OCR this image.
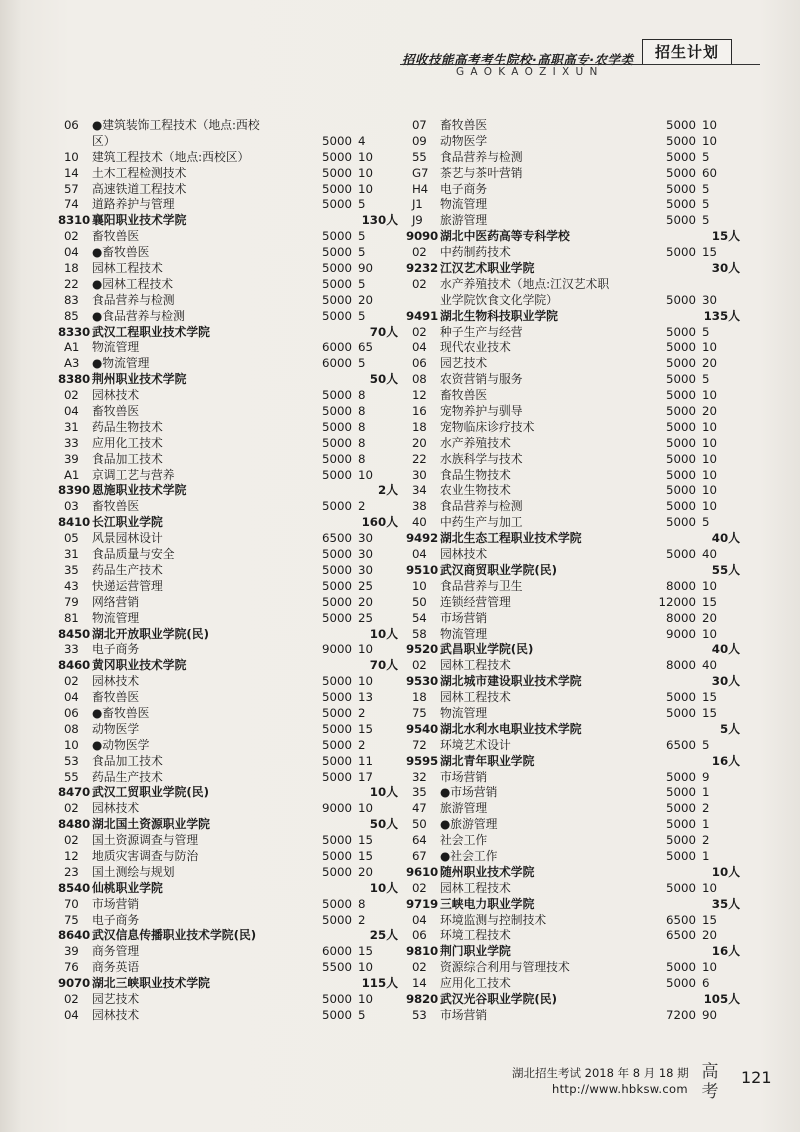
招收技能高考考生院校·高职高专·农学类	招生计划
GAOKAOZIXUN
06 ●建筑装饰工程技术（地点:西校
区）	5000 4
10 建筑工程技术（地点:西校区）	5000 10
14 土木工程检测技术	5000 10
57 高速铁道工程技术	5000 10
74 道路养护与管理	5000 5
8310 襄阳职业技术学院	130人
02 畜牧兽医	5000 5
04 ●畜牧兽医	5000 5
18 园林工程技术	5000 90
22 ●园林工程技术	5000 5
83 食品营养与检测	5000 20
85 ●食品营养与检测	5000 5
8330 武汉工程职业技术学院	70人
A1 物流管理	6000 65
A3 ●物流管理	6000 5
8380 荆州职业技术学院	50人
02 园林技术	5000 8
04 畜牧兽医	5000 8
31 药品生物技术	5000 8
33 应用化工技术	5000 8
39 食品加工技术	5000 8
A1 京调工艺与营养	5000 10
8390 恩施职业技术学院	2人
03 畜牧兽医	5000 2
8410 长江职业学院	160人
05 风景园林设计	6500 30
31 食品质量与安全	5000 30
35 药品生产技术	5000 30
43 快递运营管理	5000 25
79 网络营销	5000 20
81 物流管理	5000 25
8450 湖北开放职业学院(民)	10人
33 电子商务	9000 10
8460 黄冈职业技术学院	70人
02 园林技术	5000 10
04 畜牧兽医	5000 13
06 ●畜牧兽医	5000 2
08 动物医学	5000 15
10 ●动物医学	5000 2
53 食品加工技术	5000 11
55 药品生产技术	5000 17
8470 武汉工贸职业学院(民)	10人
02 园林技术	9000 10
8480 湖北国土资源职业学院	50人
02 国土资源调查与管理	5000 15
12 地质灾害调查与防治	5000 15
23 国土测绘与规划	5000 20
8540 仙桃职业学院	10人
70 市场营销	5000 8
75 电子商务	5000 2
8640 武汉信息传播职业技术学院(民)	25人
39 商务管理	6000 15
76 商务英语	5500 10
9070 湖北三峡职业技术学院	115人
02 园艺技术	5000 10
04 园林技术	5000 5
07 畜牧兽医	5000 10
09 动物医学	5000 10
55 食品营养与检测	5000 5
G7 茶艺与茶叶营销	5000 60
H4 电子商务	5000 5
J1 物流管理	5000 5
J9 旅游管理	5000 5
9090 湖北中医药高等专科学校	15人
02 中药制药技术	5000 15
9232 江汉艺术职业学院	30人
02 水产养殖技术（地点:江汉艺术职
业学院饮食文化学院）	5000 30
9491 湖北生物科技职业学院	135人
02 种子生产与经营	5000 5
04 现代农业技术	5000 10
06 园艺技术	5000 20
08 农资营销与服务	5000 5
12 畜牧兽医	5000 10
16 宠物养护与驯导	5000 20
18 宠物临床诊疗技术	5000 10
20 水产养殖技术	5000 10
22 水族科学与技术	5000 10
30 食品生物技术	5000 10
34 农业生物技术	5000 10
38 食品营养与检测	5000 10
40 中药生产与加工	5000 5
9492 湖北生态工程职业技术学院	40人
04 园林技术	5000 40
9510 武汉商贸职业学院(民)	55人
10 食品营养与卫生	8000 10
50 连锁经营管理	12000 15
54 市场营销	8000 20
58 物流管理	9000 10
9520 武昌职业学院(民)	40人
02 园林工程技术	8000 40
9530 湖北城市建设职业技术学院	30人
18 园林工程技术	5000 15
75 物流管理	5000 15
9540 湖北水利水电职业技术学院	5人
72 环境艺术设计	6500 5
9595 湖北青年职业学院	16人
32 市场营销	5000 9
35 ●市场营销	5000 1
47 旅游管理	5000 2
50 ●旅游管理	5000 1
64 社会工作	5000 2
67 ●社会工作	5000 1
9610 随州职业技术学院	10人
02 园林工程技术	5000 10
9719 三峡电力职业学院	35人
04 环境监测与控制技术	6500 15
06 环境工程技术	6500 20
9810 荆门职业学院	16人
02 资源综合利用与管理技术	5000 10
14 应用化工技术	5000 6
9820 武汉光谷职业学院(民)	105人
53 市场营销	7200 90
湖北招生考试 2018 年 8 月 18 期
http://www.hbksw.com
高
考
121
